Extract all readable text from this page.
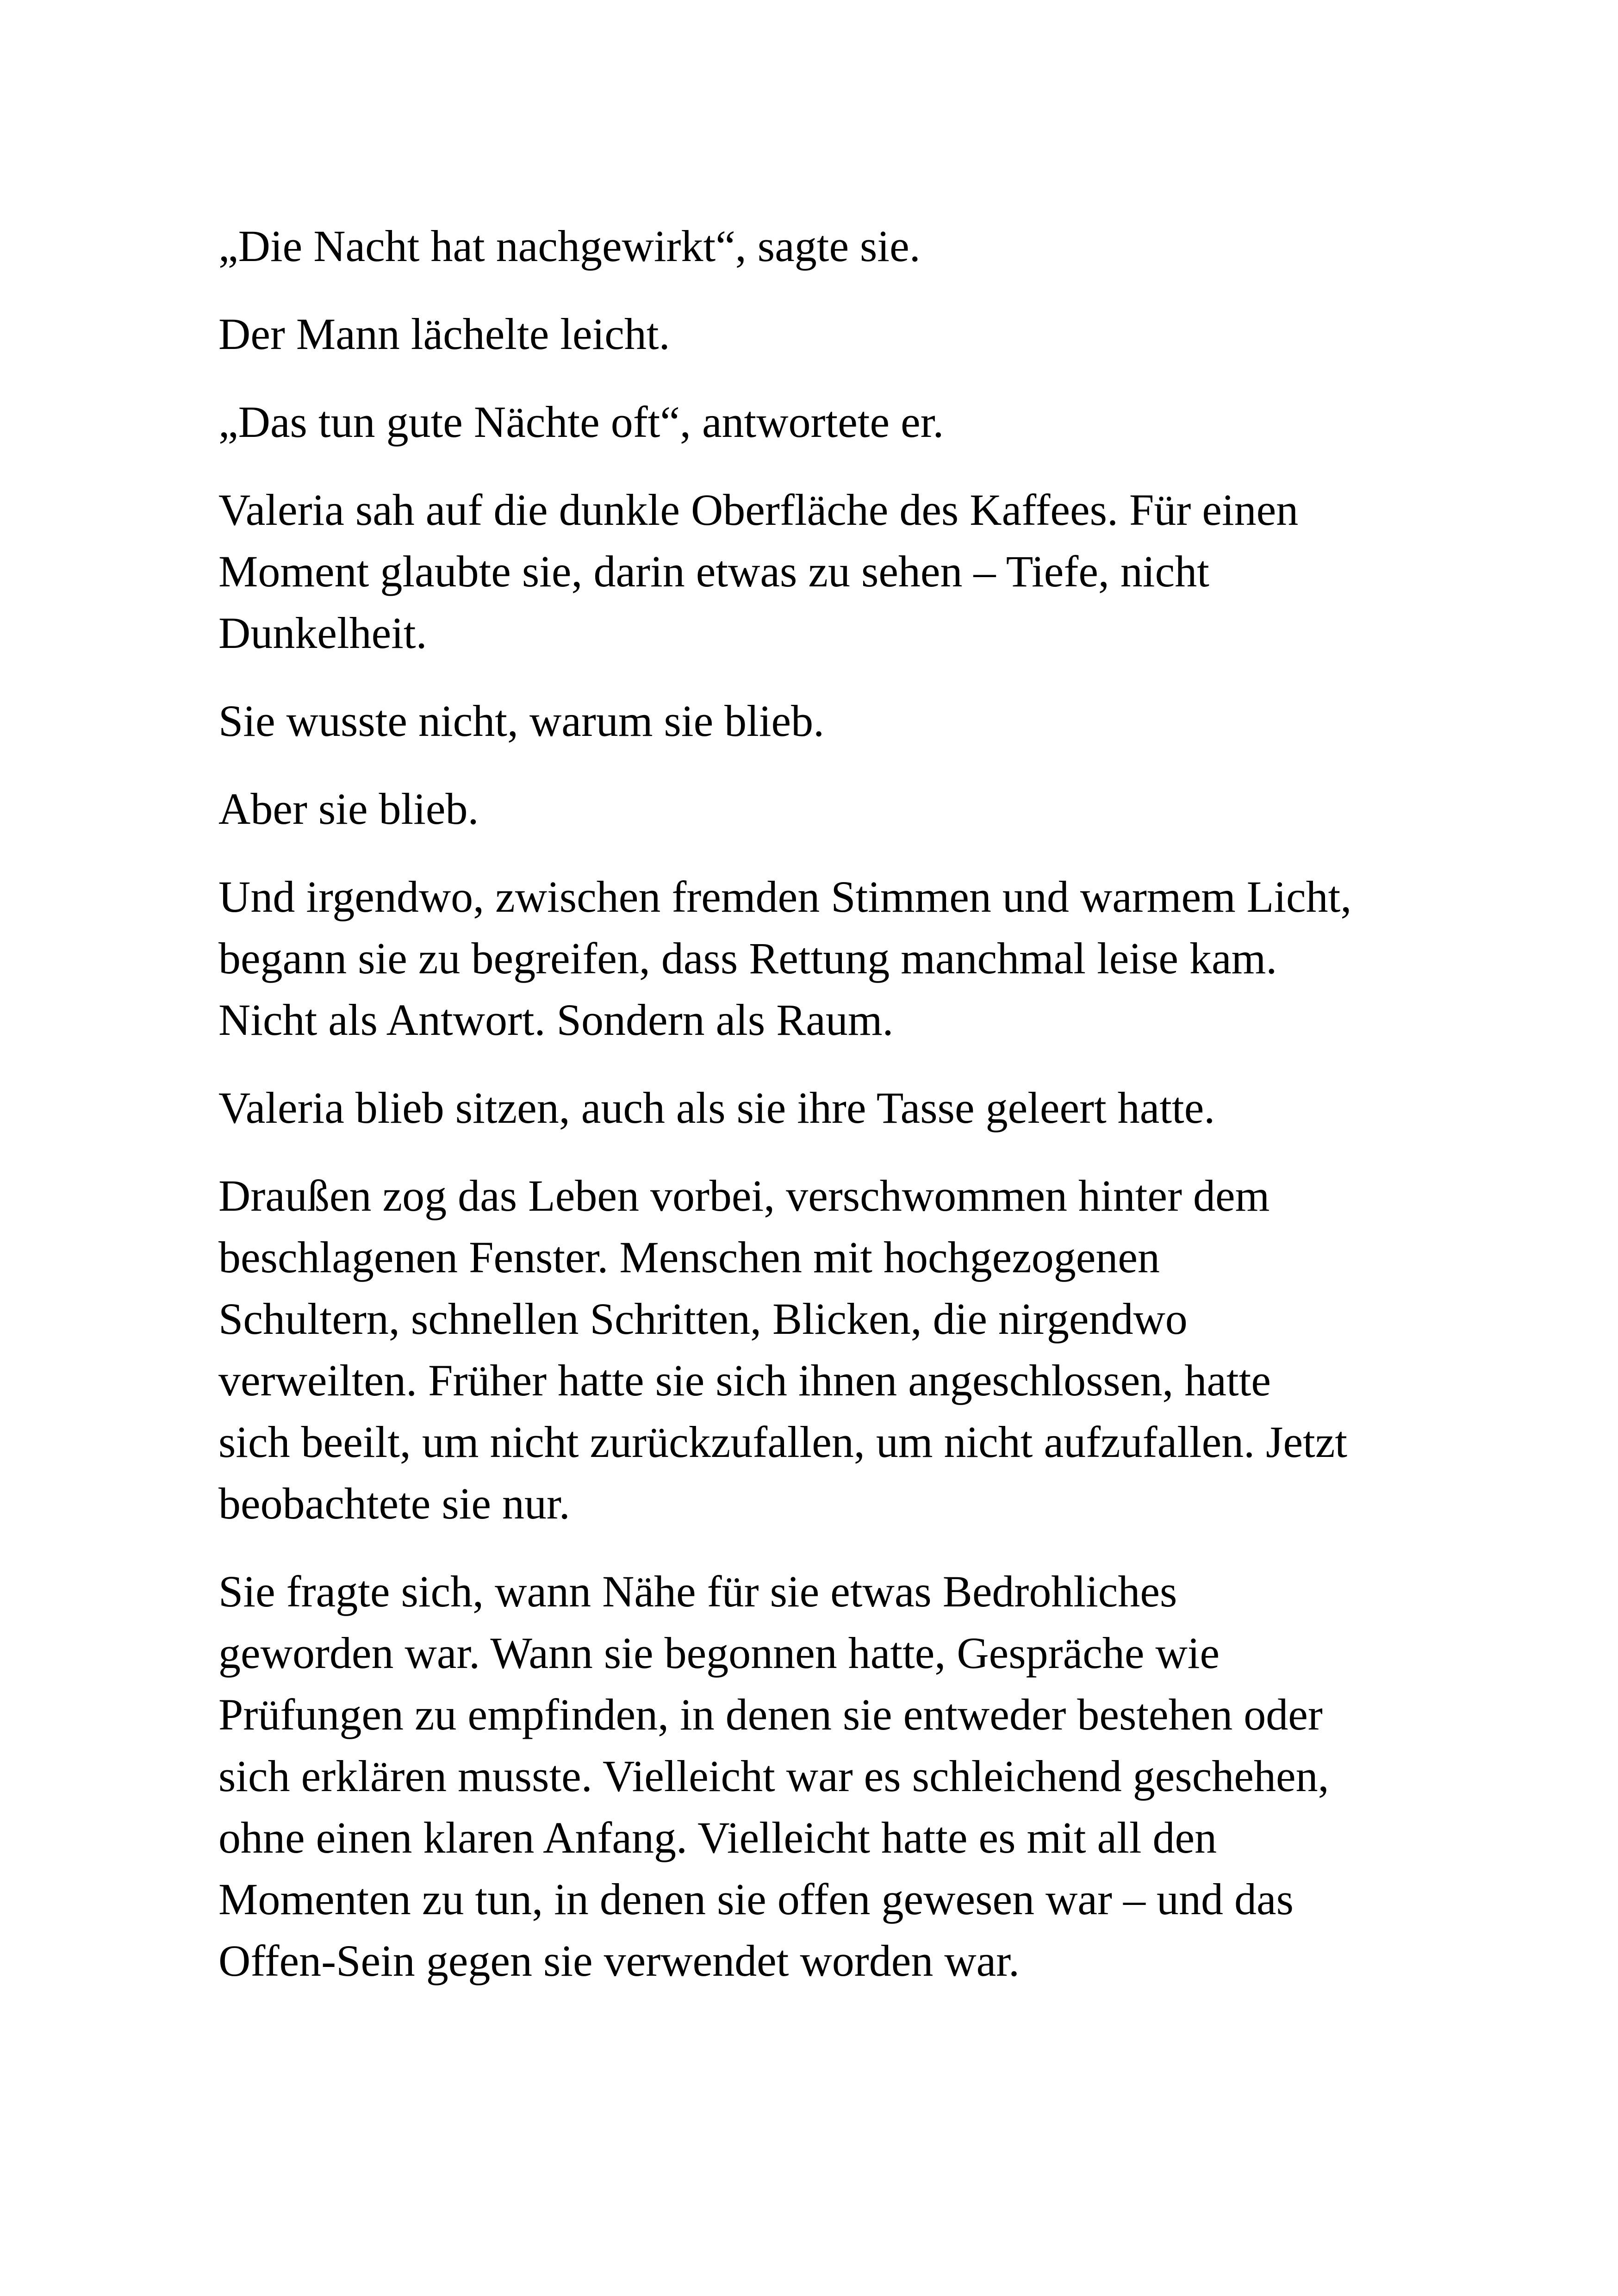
„Die Nacht hat nachgewirkt“, sagte sie.

Der Mann lächelte leicht.

„Das tun gute Nächte oft“, antwortete er.

Valeria sah auf die dunkle Oberfläche des Kaffees. Für einen
Moment glaubte sie, darin etwas zu sehen – Tiefe, nicht
Dunkelheit.

Sie wusste nicht, warum sie blieb.

Aber sie blieb.

Und irgendwo, zwischen fremden Stimmen und warmem Licht,
begann sie zu begreifen, dass Rettung manchmal leise kam.
Nicht als Antwort. Sondern als Raum.

Valeria blieb sitzen, auch als sie ihre Tasse geleert hatte.

Draußen zog das Leben vorbei, verschwommen hinter dem
beschlagenen Fenster. Menschen mit hochgezogenen
Schultern, schnellen Schritten, Blicken, die nirgendwo
verweilten. Früher hatte sie sich ihnen angeschlossen, hatte
sich beeilt, um nicht zurückzufallen, um nicht aufzufallen. Jetzt
beobachtete sie nur.

Sie fragte sich, wann Nähe für sie etwas Bedrohliches
geworden war. Wann sie begonnen hatte, Gespräche wie
Prüfungen zu empfinden, in denen sie entweder bestehen oder
sich erklären musste. Vielleicht war es schleichend geschehen,
ohne einen klaren Anfang. Vielleicht hatte es mit all den
Momenten zu tun, in denen sie offen gewesen war – und das
Offen-Sein gegen sie verwendet worden war.
